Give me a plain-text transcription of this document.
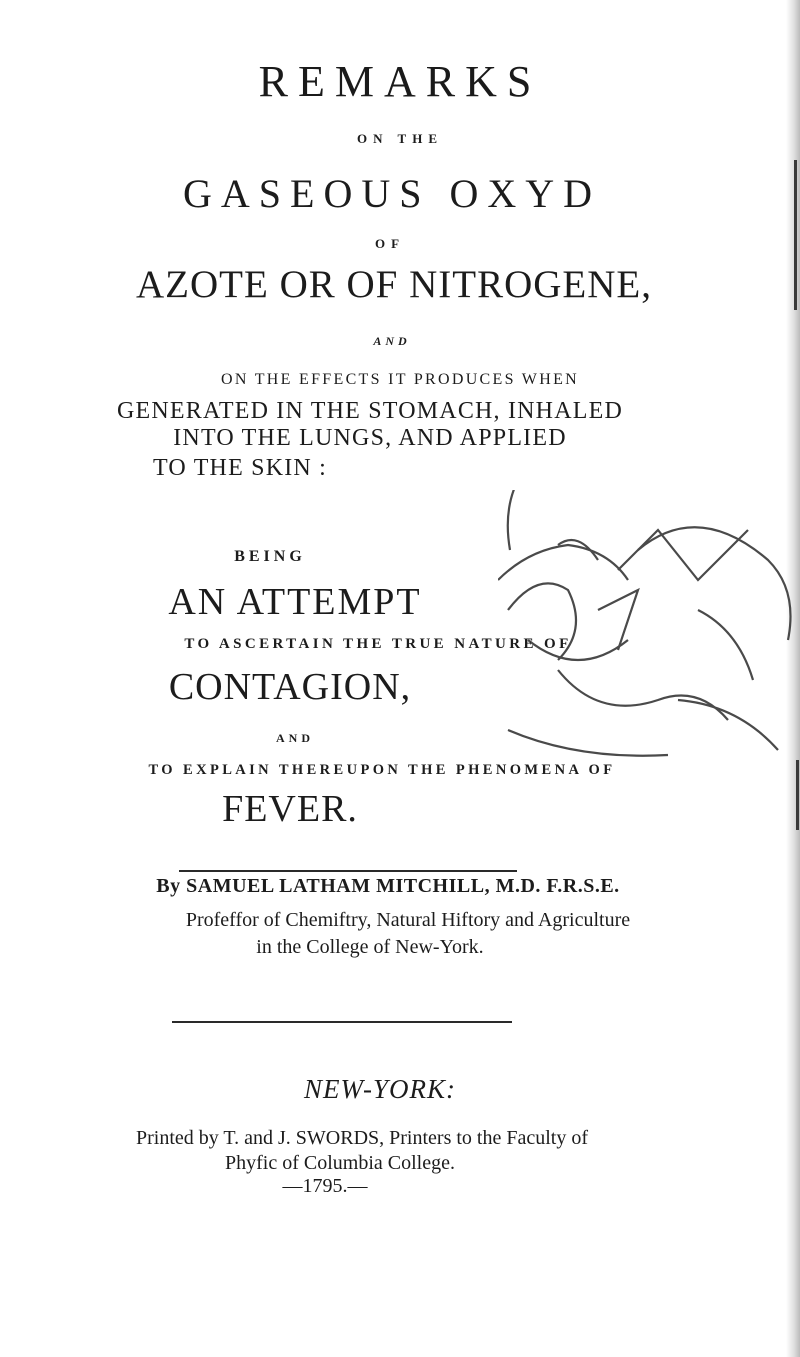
REMARKS
ON THE
GASEOUS OXYD
OF
AZOTE OR OF NITROGENE,
AND
ON THE EFFECTS IT PRODUCES WHEN
GENERATED IN THE STOMACH, INHALED
INTO THE LUNGS, AND APPLIED
TO THE SKIN :
BEING
AN ATTEMPT
TO ASCERTAIN THE TRUE NATURE OF
CONTAGION,
AND
TO EXPLAIN THEREUPON THE PHENOMENA OF
FEVER.
By SAMUEL LATHAM MITCHILL, M.D. F.R.S.E.
Profeffor of Chemiftry, Natural Hiftory and Agriculture
in the College of New-York.
NEW-YORK:
Printed by T. and J. SWORDS, Printers to the Faculty of
Phyfic of Columbia College.
—1795.—
